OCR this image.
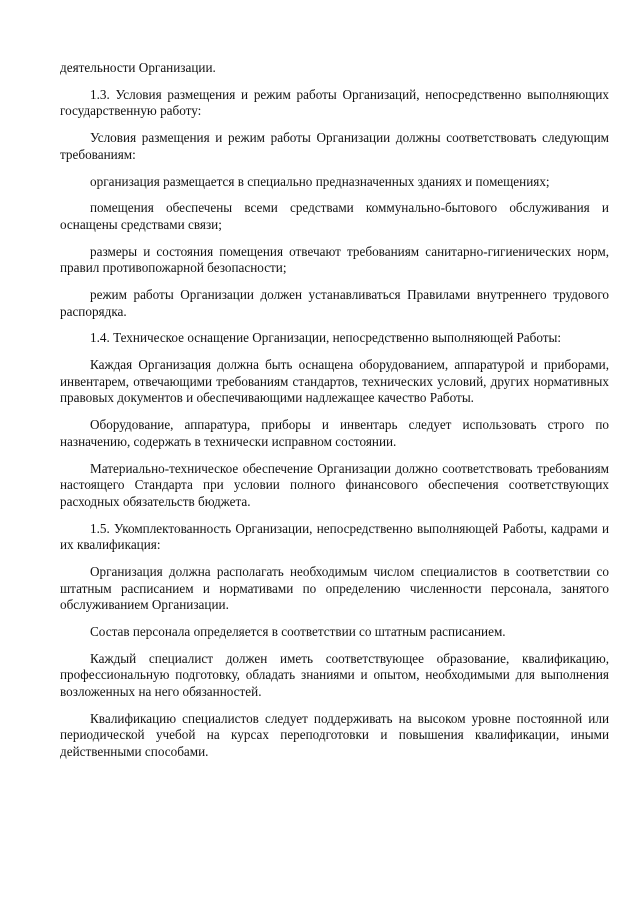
деятельности Организации.

1.3. Условия размещения и режим работы Организаций, непосредственно выполняющих государственную работу:

Условия размещения и режим работы Организации должны соответствовать следующим требованиям:

организация размещается в специально предназначенных зданиях и помещениях;

помещения обеспечены всеми средствами коммунально-бытового обслуживания и оснащены средствами связи;

размеры и состояния помещения отвечают требованиям санитарно-гигиенических норм, правил противопожарной безопасности;

режим работы Организации должен устанавливаться Правилами внутреннего трудового распорядка.

1.4. Техническое оснащение Организации, непосредственно выполняющей Работы:

Каждая Организация должна быть оснащена оборудованием, аппаратурой и приборами, инвентарем, отвечающими требованиям стандартов, технических условий, других нормативных правовых документов и обеспечивающими надлежащее качество Работы.

Оборудование, аппаратура, приборы и инвентарь следует использовать строго по назначению, содержать в технически исправном состоянии.

Материально-техническое обеспечение Организации должно соответствовать требованиям настоящего Стандарта при условии полного финансового обеспечения соответствующих расходных обязательств бюджета.

1.5. Укомплектованность Организации, непосредственно выполняющей Работы, кадрами и их квалификация:

Организация должна располагать необходимым числом специалистов в соответствии со штатным расписанием и нормативами по определению численности персонала, занятого обслуживанием Организации.

Состав персонала определяется в соответствии со штатным расписанием.

Каждый специалист должен иметь соответствующее образование, квалификацию, профессиональную подготовку, обладать знаниями и опытом, необходимыми для выполнения возложенных на него обязанностей.

Квалификацию специалистов следует поддерживать на высоком уровне постоянной или периодической учебой на курсах переподготовки и повышения квалификации, иными действенными способами.
